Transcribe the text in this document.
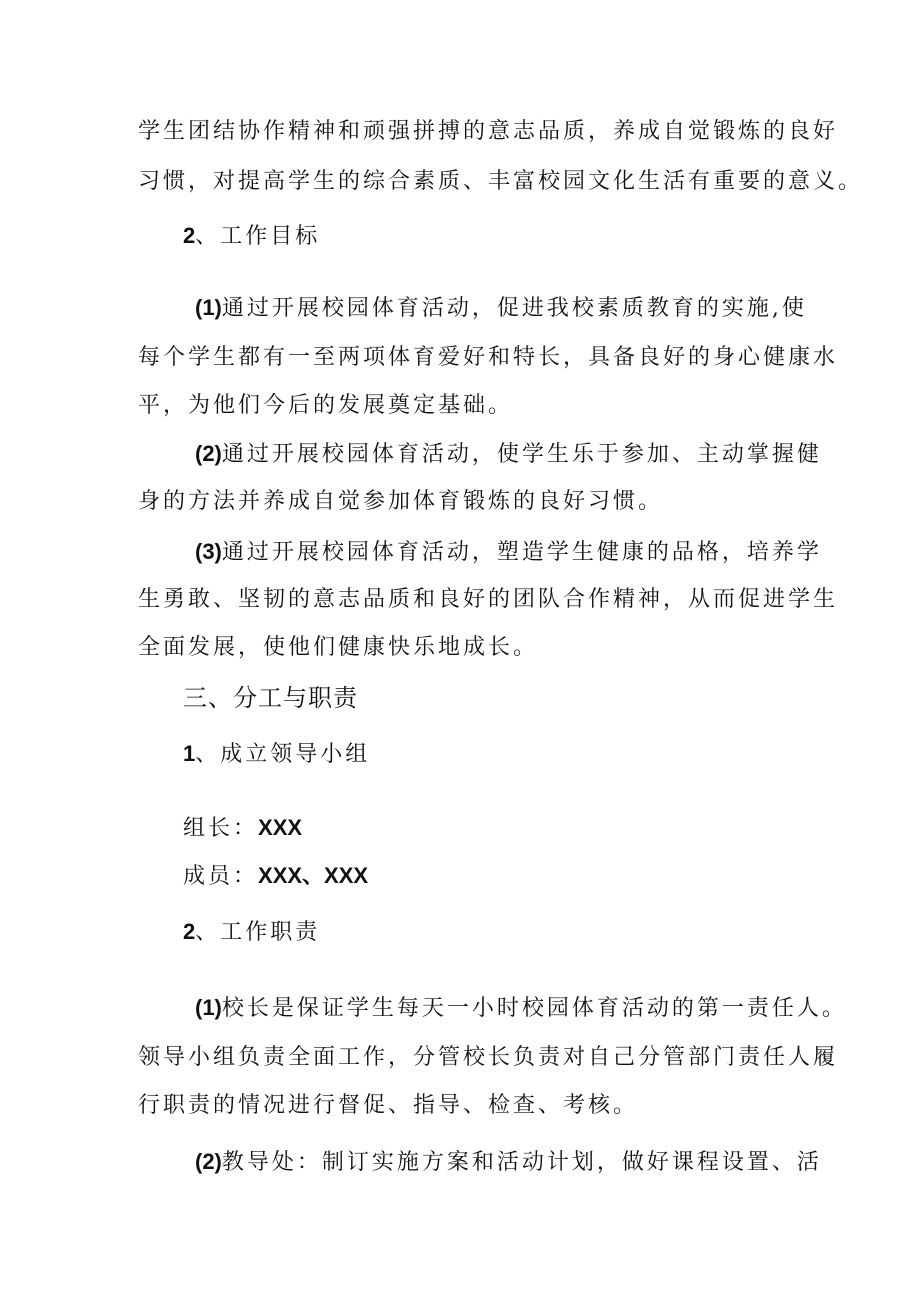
学生团结协作精神和顽强拼搏的意志品质，养成自觉锻炼的良好
习惯，对提高学生的综合素质、丰富校园文化生活有重要的意义。
2、工作目标
(1)通过开展校园体育活动，促进我校素质教育的实施,使
每个学生都有一至两项体育爱好和特长，具备良好的身心健康水
平，为他们今后的发展奠定基础。
(2)通过开展校园体育活动，使学生乐于参加、主动掌握健
身的方法并养成自觉参加体育锻炼的良好习惯。
(3)通过开展校园体育活动，塑造学生健康的品格，培养学
生勇敢、坚韧的意志品质和良好的团队合作精神，从而促进学生
全面发展，使他们健康快乐地成长。
三、分工与职责
1、成立领导小组
组长：XXX
成员：XXX、XXX
2、工作职责
(1)校长是保证学生每天一小时校园体育活动的第一责任人。
领导小组负责全面工作，分管校长负责对自己分管部门责任人履
行职责的情况进行督促、指导、检查、考核。
(2)教导处：制订实施方案和活动计划，做好课程设置、活
